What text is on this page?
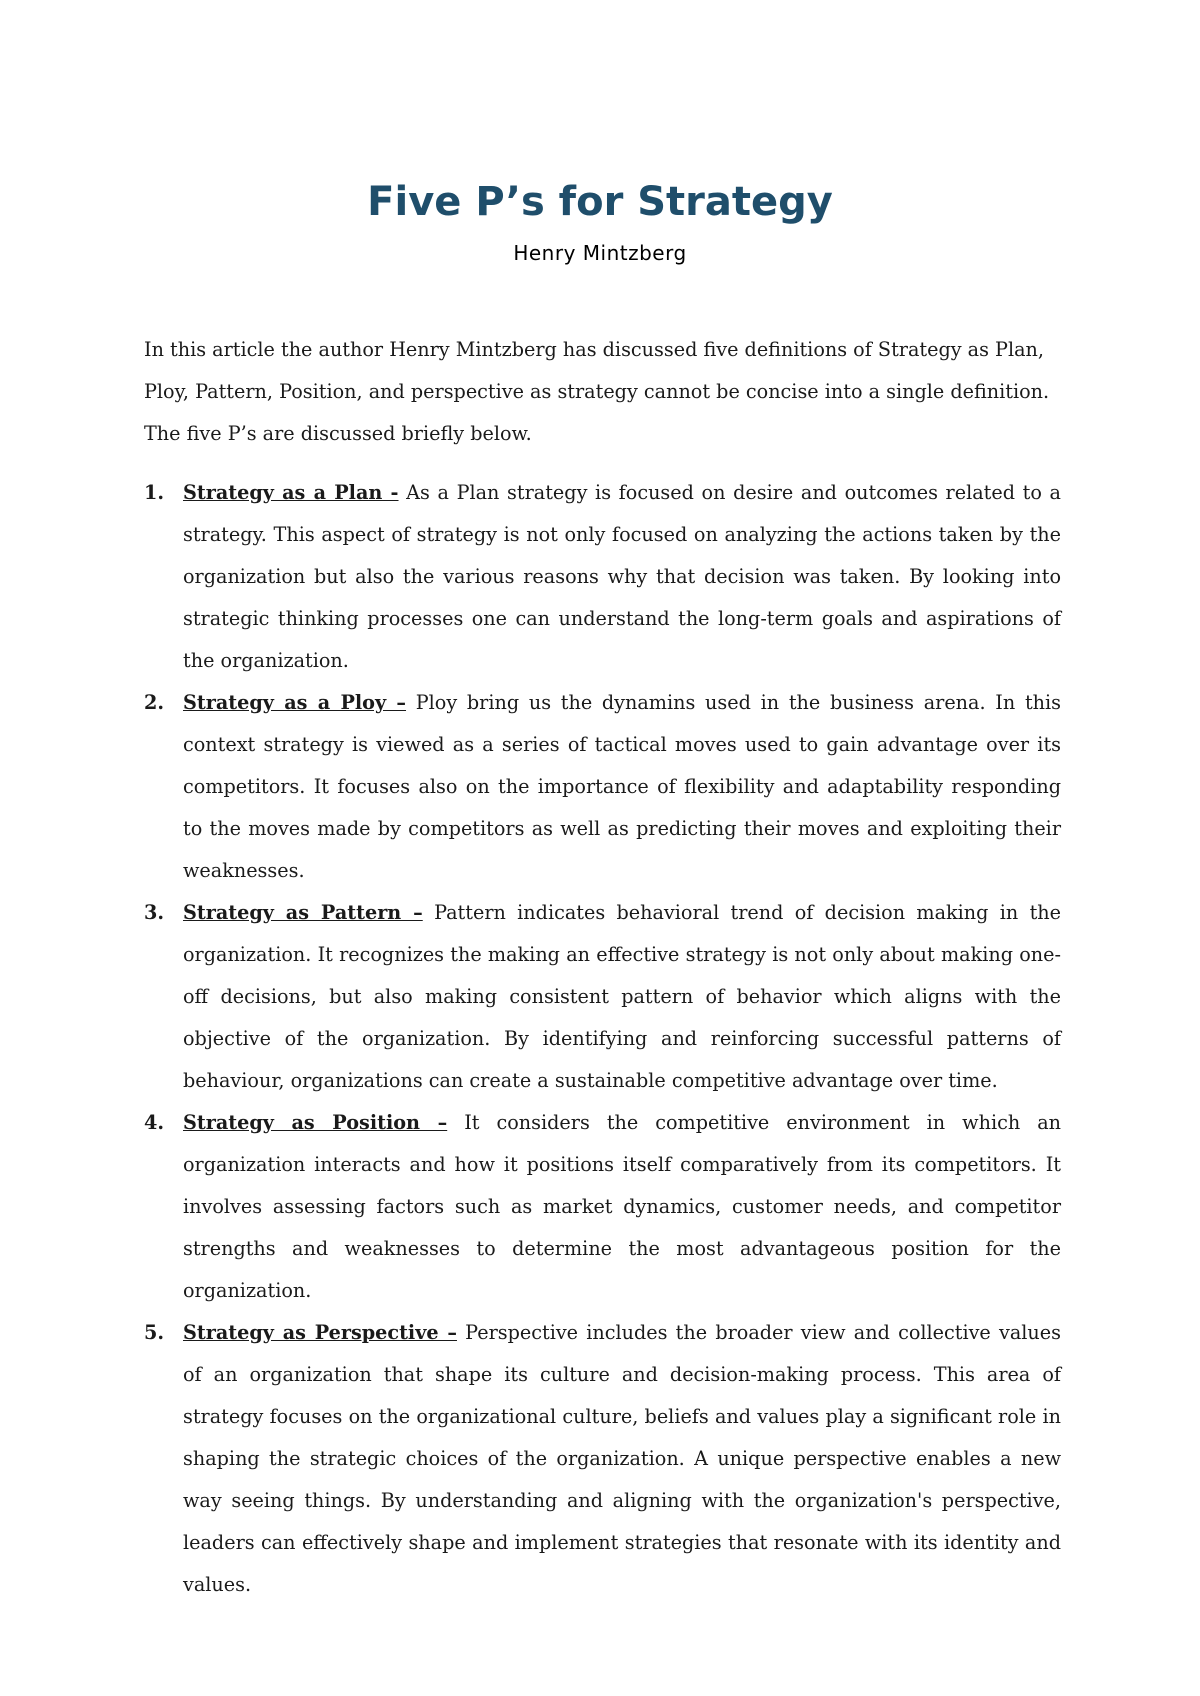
Five P’s for Strategy
Henry Mintzberg

In this article the author Henry Mintzberg has discussed five definitions of Strategy as Plan, Ploy, Pattern, Position, and perspective as strategy cannot be concise into a single definition. The five P’s are discussed briefly below.

1. Strategy as a Plan - As a Plan strategy is focused on desire and outcomes related to a strategy. This aspect of strategy is not only focused on analyzing the actions taken by the organization but also the various reasons why that decision was taken. By looking into strategic thinking processes one can understand the long-term goals and aspirations of the organization.
2. Strategy as a Ploy – Ploy bring us the dynamins used in the business arena. In this context strategy is viewed as a series of tactical moves used to gain advantage over its competitors. It focuses also on the importance of flexibility and adaptability responding to the moves made by competitors as well as predicting their moves and exploiting their weaknesses.
3. Strategy as Pattern – Pattern indicates behavioral trend of decision making in the organization. It recognizes the making an effective strategy is not only about making one-off decisions, but also making consistent pattern of behavior which aligns with the objective of the organization. By identifying and reinforcing successful patterns of behaviour, organizations can create a sustainable competitive advantage over time.
4. Strategy as Position – It considers the competitive environment in which an organization interacts and how it positions itself comparatively from its competitors. It involves assessing factors such as market dynamics, customer needs, and competitor strengths and weaknesses to determine the most advantageous position for the organization.
5. Strategy as Perspective – Perspective includes the broader view and collective values of an organization that shape its culture and decision-making process. This area of strategy focuses on the organizational culture, beliefs and values play a significant role in shaping the strategic choices of the organization. A unique perspective enables a new way seeing things. By understanding and aligning with the organization's perspective, leaders can effectively shape and implement strategies that resonate with its identity and values.
